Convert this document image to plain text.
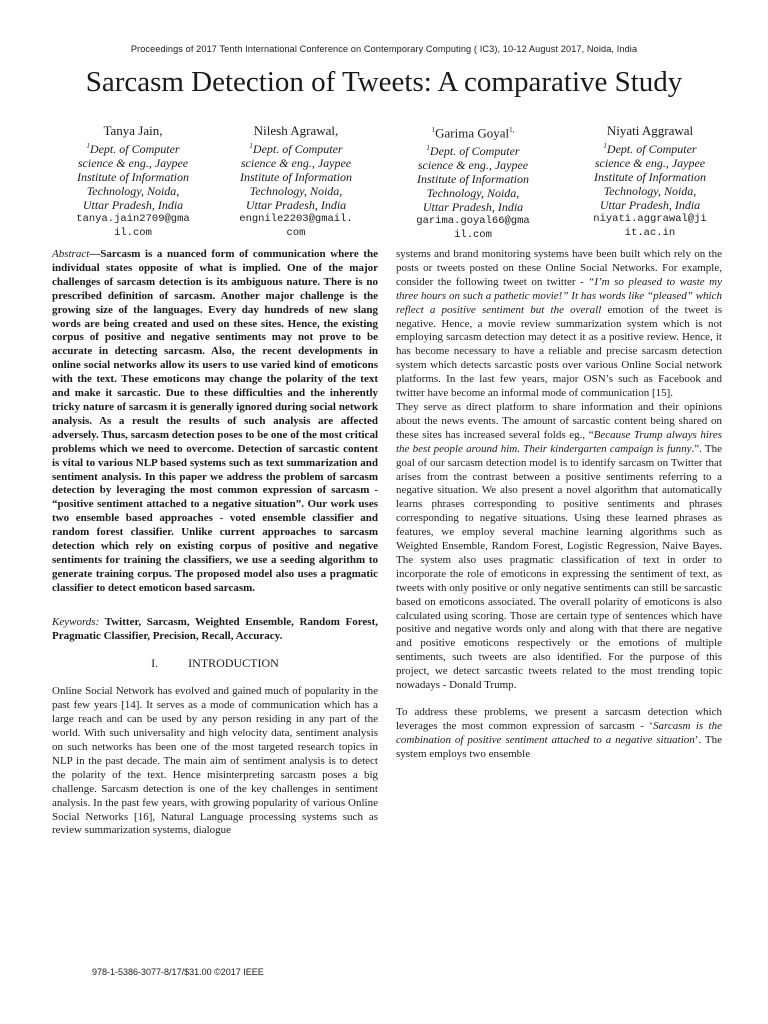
Proceedings of 2017 Tenth International Conference on Contemporary Computing ( IC3), 10-12 August 2017, Noida, India
Sarcasm Detection of Tweets: A comparative Study
Tanya Jain,
$^1$Dept. of Computer
science & eng., Jaypee
Institute of Information
Technology, Noida,
Uttar Pradesh, India
tanya.jain2709@gma
il.com
Nilesh Agrawal,
$^1$Dept. of Computer
science & eng., Jaypee
Institute of Information
Technology, Noida,
Uttar Pradesh, India
engnile2203@gmail.
com
$^1$Garima Goyal$^{1,}$
$^1$Dept. of Computer
science & eng., Jaypee
Institute of Information
Technology, Noida,
Uttar Pradesh, India
garima.goyal66@gma
il.com
Niyati Aggrawal
$^1$Dept. of Computer
science & eng., Jaypee
Institute of Information
Technology, Noida,
Uttar Pradesh, India
niyati.aggrawal@ji
it.ac.in

Abstract—Sarcasm is a nuanced form of communication where the individual states opposite of what is implied. One of the major challenges of sarcasm detection is its ambiguous nature. There is no prescribed definition of sarcasm. Another major challenge is the growing size of the languages. Every day hundreds of new slang words are being created and used on these sites. Hence, the existing corpus of positive and negative sentiments may not prove to be accurate in detecting sarcasm. Also, the recent developments in online social networks allow its users to use varied kind of emoticons with the text. These emoticons may change the polarity of the text and make it sarcastic. Due to these difficulties and the inherently tricky nature of sarcasm it is generally ignored during social network analysis. As a result the results of such analysis are affected adversely. Thus, sarcasm detection poses to be one of the most critical problems which we need to overcome. Detection of sarcastic content is vital to various NLP based systems such as text summarization and sentiment analysis. In this paper we address the problem of sarcasm detection by leveraging the most common expression of sarcasm - “positive sentiment attached to a negative situation”. Our work uses two ensemble based approaches - voted ensemble classifier and random forest classifier. Unlike current approaches to sarcasm detection which rely on existing corpus of positive and negative sentiments for training the classifiers, we use a seeding algorithm to generate training corpus. The proposed model also uses a pragmatic classifier to detect emoticon based sarcasm.

Keywords: Twitter, Sarcasm, Weighted Ensemble, Random Forest, Pragmatic Classifier, Precision, Recall, Accuracy.

I.	INTRODUCTION

Online Social Network has evolved and gained much of popularity in the past few years [14]. It serves as a mode of communication which has a large reach and can be used by any person residing in any part of the world. With such universality and high velocity data, sentiment analysis on such networks has been one of the most targeted research topics in NLP in the past decade. The main aim of sentiment analysis is to detect the polarity of the text. Hence misinterpreting sarcasm poses a big challenge. Sarcasm detection is one of the key challenges in sentiment analysis. In the past few years, with growing popularity of various Online Social Networks [16], Natural Language processing systems such as review summarization systems, dialogue

systems and brand monitoring systems have been built which rely on the posts or tweets posted on these Online Social Networks. For example, consider the following tweet on twitter - “I’m so pleased to waste my three hours on such a pathetic movie!” It has words like “pleased” which reflect a positive sentiment but the overall emotion of the tweet is negative. Hence, a movie review summarization system which is not employing sarcasm detection may detect it as a positive review. Hence, it has become necessary to have a reliable and precise sarcasm detection system which detects sarcastic posts over various Online Social network platforms. In the last few years, major OSN’s such as Facebook and twitter have become an informal mode of communication [15].

They serve as direct platform to share information and their opinions about the news events. The amount of sarcastic content being shared on these sites has increased several folds eg., “Because Trump always hires the best people around him. Their kindergarten campaign is funny.”. The goal of our sarcasm detection model is to identify sarcasm on Twitter that arises from the contrast between a positive sentiments referring to a negative situation. We also present a novel algorithm that automatically learns phrases corresponding to positive sentiments and phrases corresponding to negative situations. Using these learned phrases as features, we employ several machine learning algorithms such as Weighted Ensemble, Random Forest, Logistic Regression, Naive Bayes. The system also uses pragmatic classification of text in order to incorporate the role of emoticons in expressing the sentiment of text, as tweets with only positive or only negative sentiments can still be sarcastic based on emoticons associated. The overall polarity of emoticons is also calculated using scoring. Those are certain type of sentences which have positive and negative words only and along with that there are negative and positive emoticons respectively or the emotions of multiple sentiments, such tweets are also identified. For the purpose of this project, we detect sarcastic tweets related to the most trending topic nowadays - Donald Trump.

To address these problems, we present a sarcasm detection which leverages the most common expression of sarcasm - ‘Sarcasm is the combination of positive sentiment attached to a negative situation’. The system employs two ensemble

978-1-5386-3077-8/17/$31.00 ©2017 IEEE
